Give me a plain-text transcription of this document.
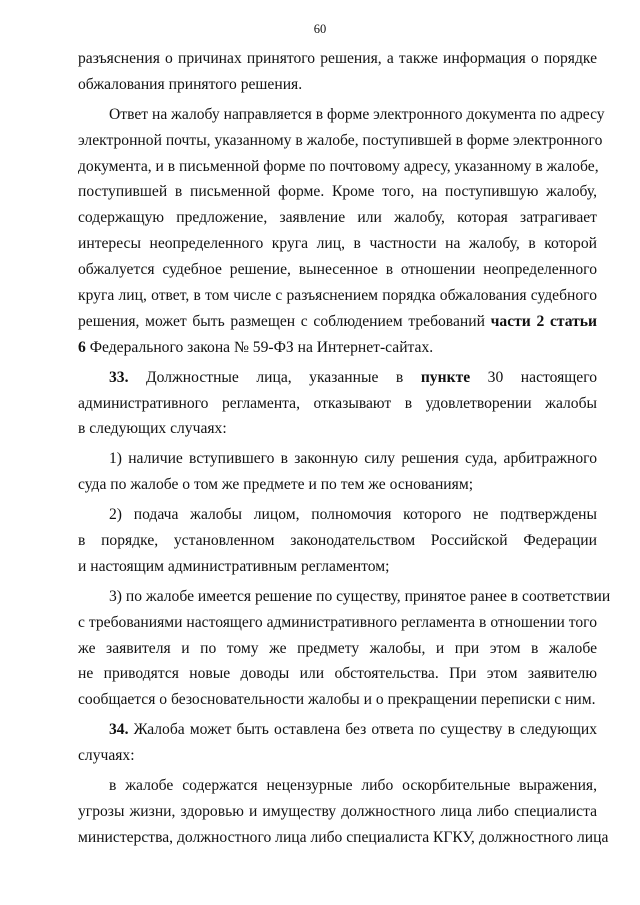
60
разъяснения о причинах принятого решения, а также информация о порядке
обжалования принятого решения.
Ответ на жалобу направляется в форме электронного документа по адресу
электронной почты, указанному в жалобе, поступившей в форме электронного
документа, и в письменной форме по почтовому адресу, указанному в жалобе,
поступившей в письменной форме. Кроме того, на поступившую жалобу,
содержащую предложение, заявление или жалобу, которая затрагивает
интересы неопределенного круга лиц, в частности на жалобу, в которой
обжалуется судебное решение, вынесенное в отношении неопределенного
круга лиц, ответ, в том числе с разъяснением порядка обжалования судебного
решения, может быть размещен с соблюдением требований части 2 статьи
6 Федерального закона № 59-ФЗ на Интернет-сайтах.
33. Должностные лица, указанные в пункте 30 настоящего
административного регламента, отказывают в удовлетворении жалобы
в следующих случаях:
1) наличие вступившего в законную силу решения суда, арбитражного
суда по жалобе о том же предмете и по тем же основаниям;
2) подача жалобы лицом, полномочия которого не подтверждены
в порядке, установленном законодательством Российской Федерации
и настоящим административным регламентом;
3) по жалобе имеется решение по существу, принятое ранее в соответствии
с требованиями настоящего административного регламента в отношении того
же заявителя и по тому же предмету жалобы, и при этом в жалобе
не приводятся новые доводы или обстоятельства. При этом заявителю
сообщается о безосновательности жалобы и о прекращении переписки с ним.
34. Жалоба может быть оставлена без ответа по существу в следующих
случаях:
в жалобе содержатся нецензурные либо оскорбительные выражения,
угрозы жизни, здоровью и имуществу должностного лица либо специалиста
министерства, должностного лица либо специалиста КГКУ, должностного лица
